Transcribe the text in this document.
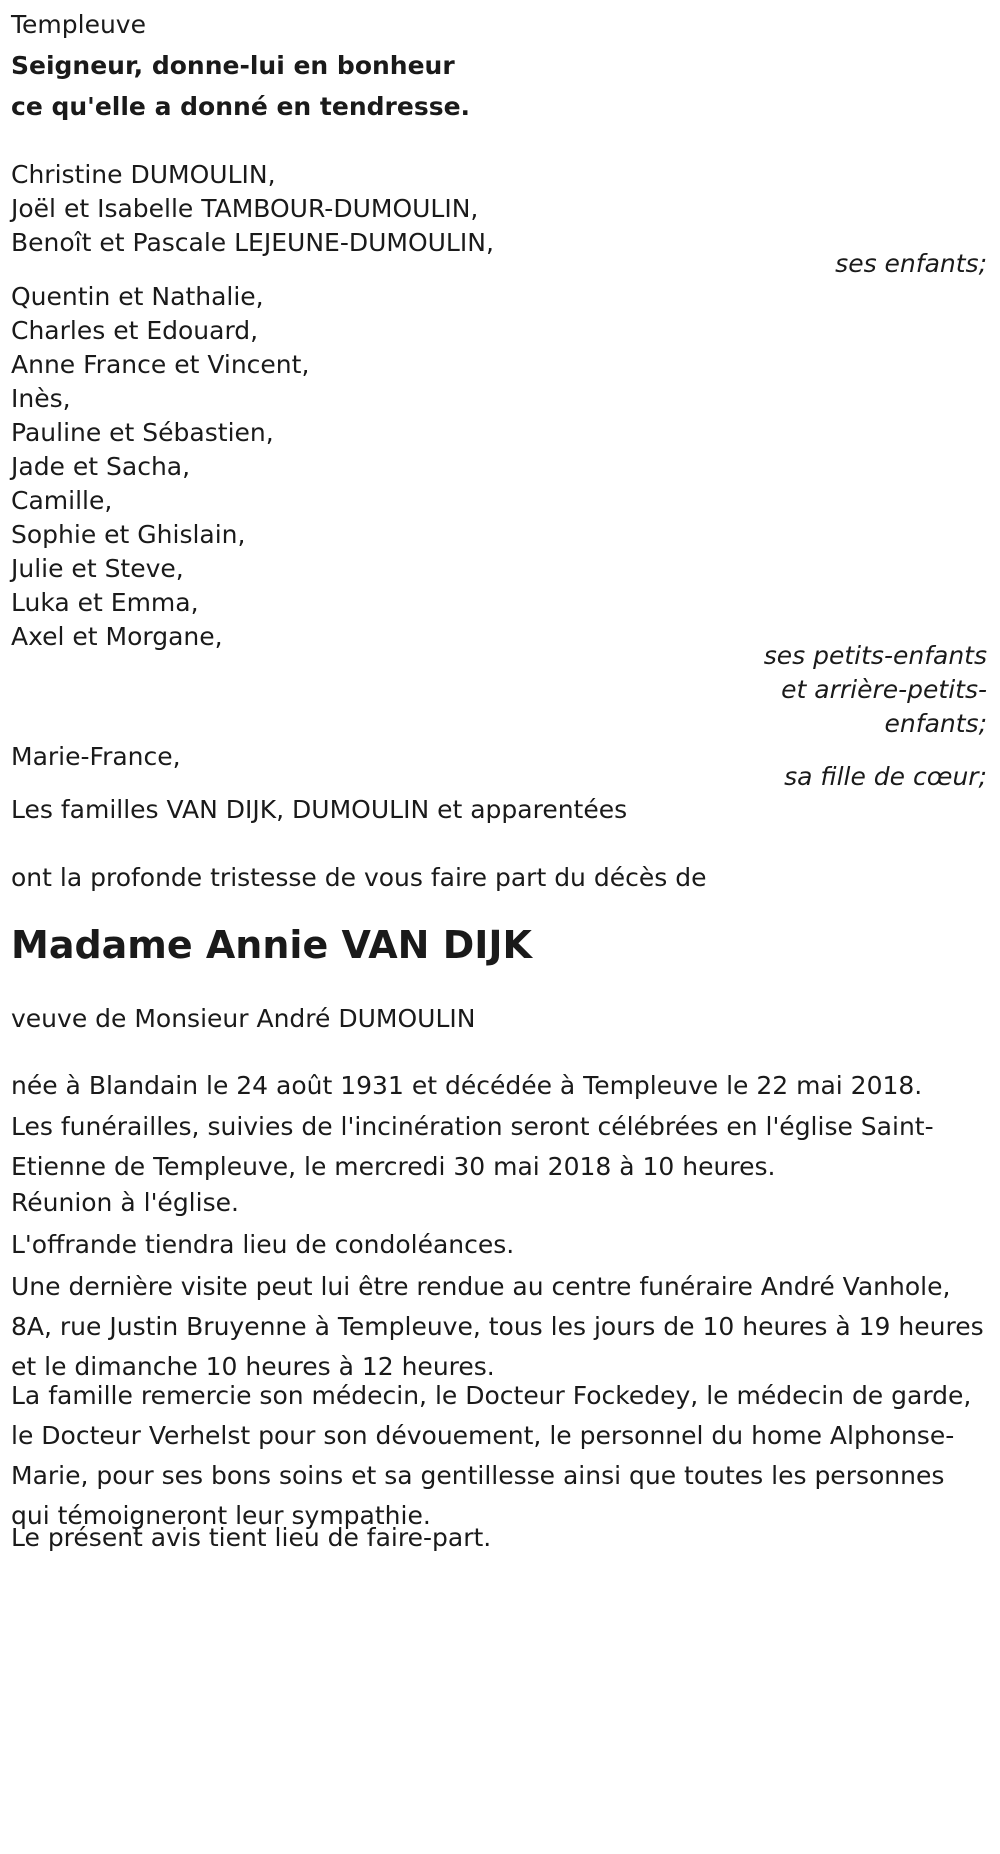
Templeuve
Seigneur, donne-lui en bonheur
ce qu'elle a donné en tendresse.
Christine DUMOULIN,
Joël et Isabelle TAMBOUR-DUMOULIN,
Benoît et Pascale LEJEUNE-DUMOULIN,
ses enfants;
Quentin et Nathalie,
Charles et Edouard,
Anne France et Vincent,
Inès,
Pauline et Sébastien,
Jade et Sacha,
Camille,
Sophie et Ghislain,
Julie et Steve,
Luka et Emma,
Axel et Morgane,
ses petits-enfants
et arrière-petits-
enfants;
Marie-France,
sa fille de cœur;
Les familles VAN DIJK, DUMOULIN et apparentées
ont la profonde tristesse de vous faire part du décès de
Madame Annie VAN DIJK
veuve de Monsieur André DUMOULIN
née à Blandain le 24 août 1931 et décédée à Templeuve le 22 mai 2018.
Les funérailles, suivies de l'incinération seront célébrées en l'église Saint-Etienne de Templeuve, le mercredi 30 mai 2018 à 10 heures.
Réunion à l'église.
L'offrande tiendra lieu de condoléances.
Une dernière visite peut lui être rendue au centre funéraire André Vanhole, 8A, rue Justin Bruyenne à Templeuve, tous les jours de 10 heures à 19 heures et le dimanche 10 heures à 12 heures.
La famille remercie son médecin, le Docteur Fockedey, le médecin de garde, le Docteur Verhelst pour son dévouement, le personnel du home Alphonse-Marie, pour ses bons soins et sa gentillesse ainsi que toutes les personnes qui témoigneront leur sympathie.
Le présent avis tient lieu de faire-part.
